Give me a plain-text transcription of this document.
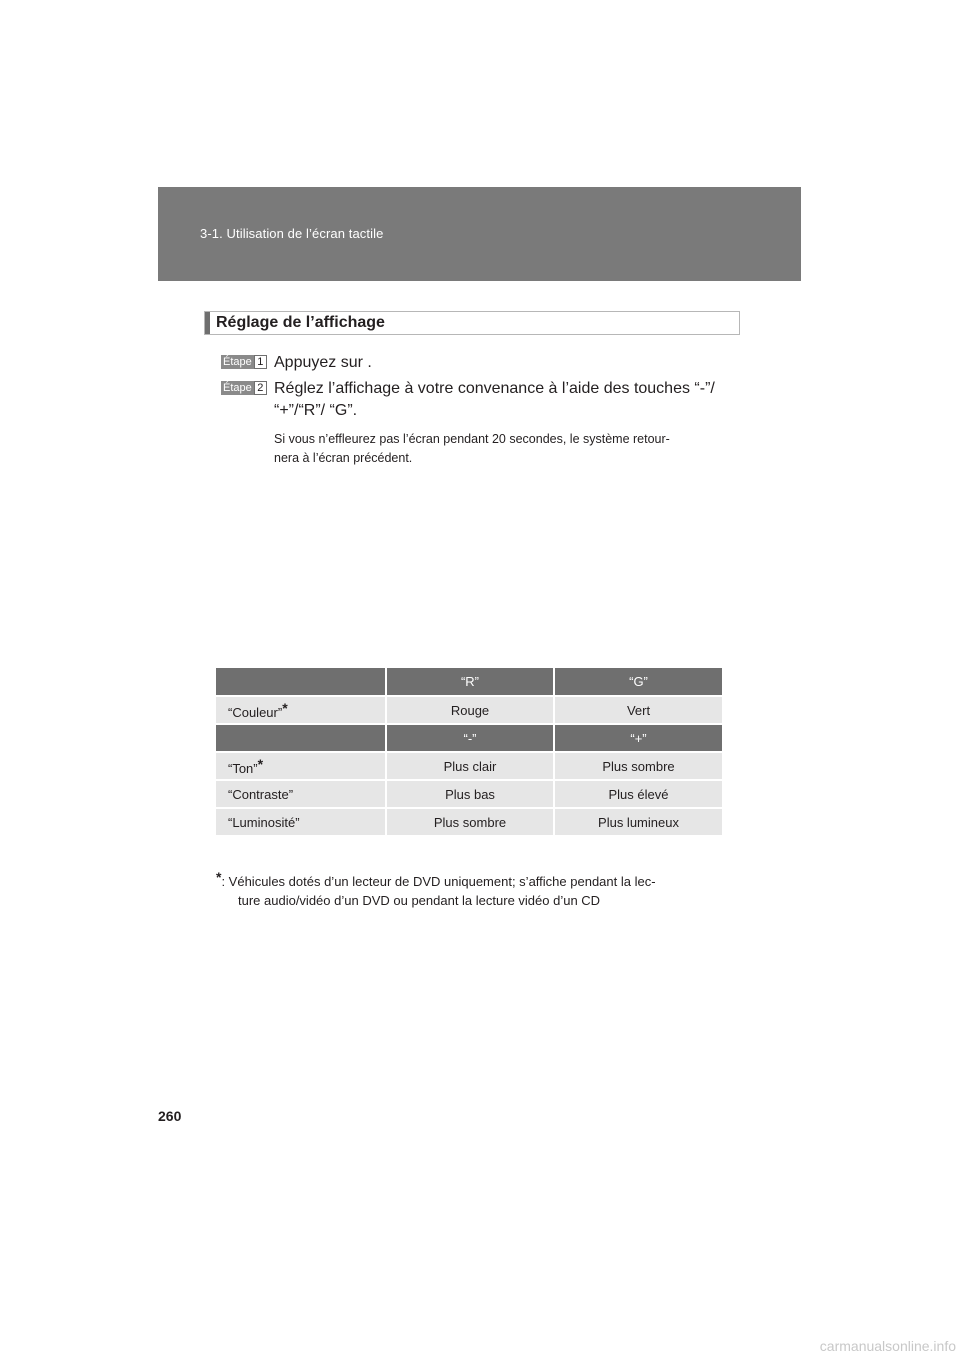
3-1. Utilisation de l’écran tactile
Réglage de l’affichage
Étape 1 Appuyez sur .
Étape 2 Réglez l’affichage à votre convenance à l’aide des touches “-”/
“+”/“R”/ “G”.
Si vous n’effleurez pas l’écran pendant 20 secondes, le système retour-
nera à l’écran précédent.
	“R”	“G”
“Couleur”*	Rouge	Vert
	“-”	“+”
“Ton”*	Plus clair	Plus sombre
“Contraste”	Plus bas	Plus élevé
“Luminosité”	Plus sombre	Plus lumineux
*: Véhicules dotés d’un lecteur de DVD uniquement; s’affiche pendant la lec-
ture audio/vidéo d’un DVD ou pendant la lecture vidéo d’un CD
260
carmanualsonline.info
